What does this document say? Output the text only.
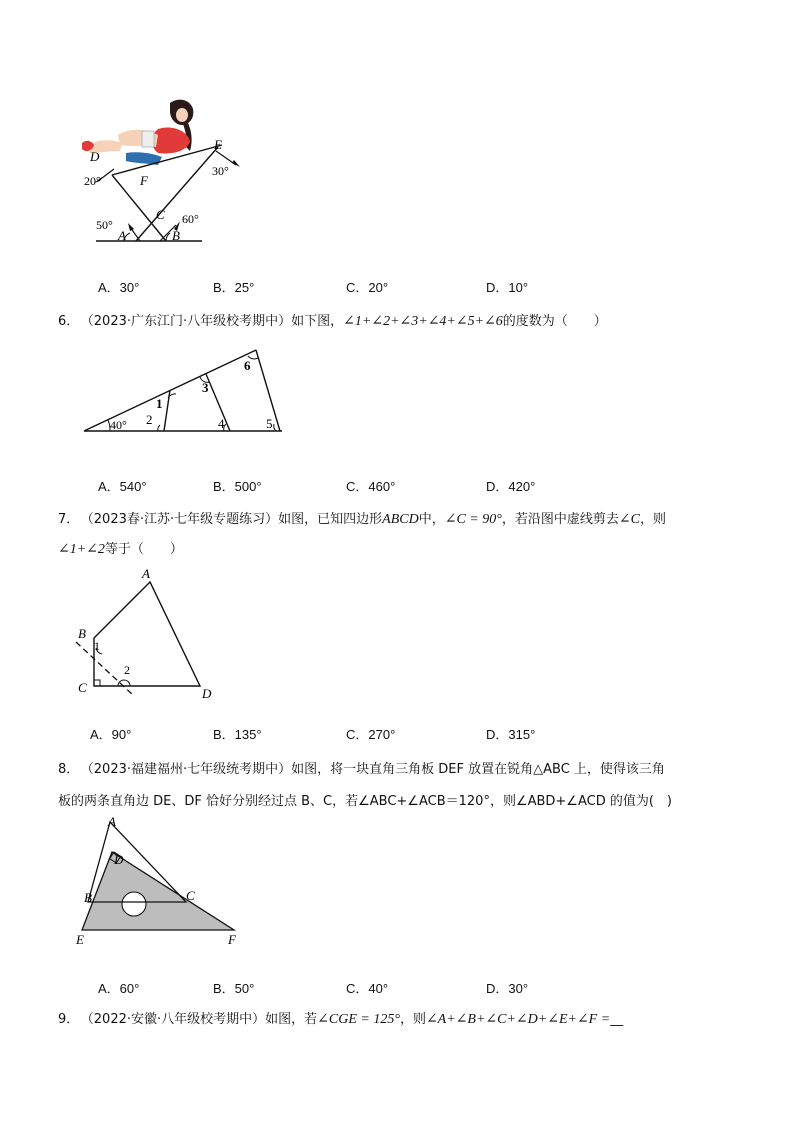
D
E
F
C
A	B
20°
30°
50°	60°
A．30°	B．25°	C．20°	D．10°
6． （2023·广东江门·八年级校考期中）如下图，∠1+∠2+∠3+∠4+∠5+∠6的度数为（　　）
40°
1
2
3
4	5
6
A．540°	B．500°	C．460°	D．420°
7． （2023春·江苏·七年级专题练习）如图，已知四边形ABCD中，∠C = 90°，若沿图中虚线剪去∠C，则
∠1+∠2等于（　　）
A
B
C	D
1
2
A．90°	B．135°	C．270°	D．315°
8． （2023·福建福州·七年级统考期中）如图，将一块直角三角板 DEF 放置在锐角△ABC 上，使得该三角
板的两条直角边 DE、DF 恰好分别经过点 B、C，若∠ABC+∠ACB＝120°，则∠ABD+∠ACD 的值为(　)
A
B	C
D
E	F
A．60°	B．50°	C．40°	D．30°
9． （2022·安徽·八年级校考期中）如图，若∠CGE = 125°，则∠A+∠B+∠C+∠D+∠E+∠F =__
